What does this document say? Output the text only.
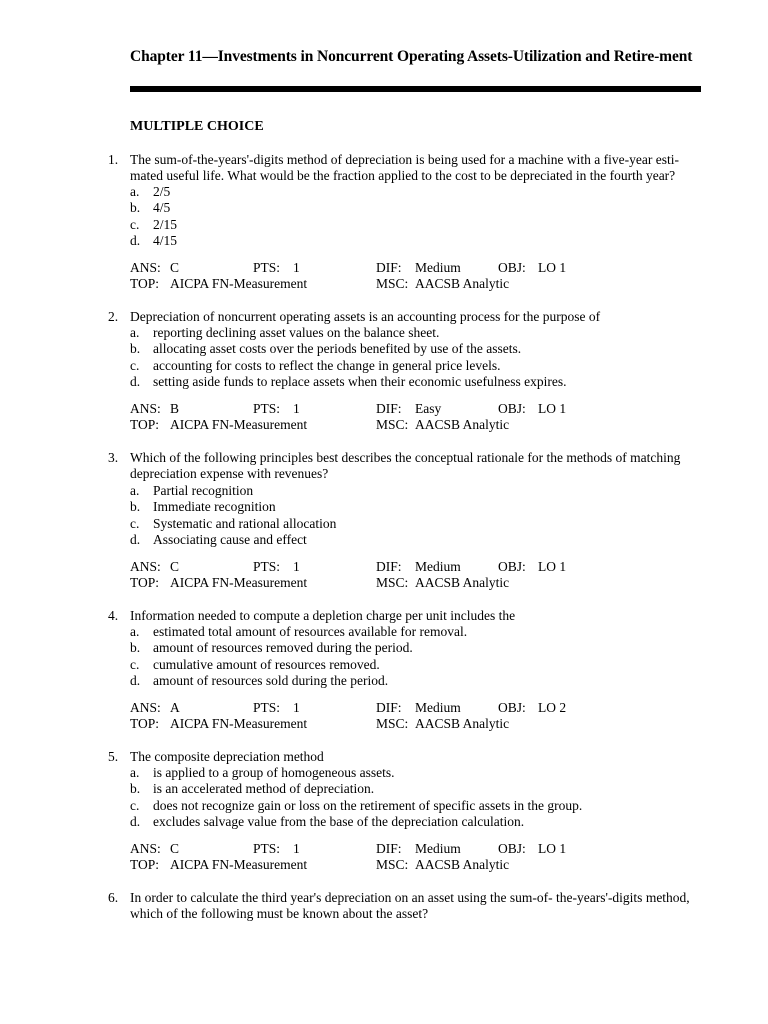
Chapter 11—Investments in Noncurrent Operating Assets-Utilization and Retire-ment
MULTIPLE CHOICE
1. The sum-of-the-years'-digits method of depreciation is being used for a machine with a five-year esti-mated useful life. What would be the fraction applied to the cost to be depreciated in the fourth year?
a. 2/5
b. 4/5
c. 2/15
d. 4/15
ANS: C	PTS: 1	DIF: Medium	OBJ: LO 1
TOP: AICPA FN-Measurement	MSC: AACSB Analytic
2. Depreciation of noncurrent operating assets is an accounting process for the purpose of
a. reporting declining asset values on the balance sheet.
b. allocating asset costs over the periods benefited by use of the assets.
c. accounting for costs to reflect the change in general price levels.
d. setting aside funds to replace assets when their economic usefulness expires.
ANS: B	PTS: 1	DIF: Easy	OBJ: LO 1
TOP: AICPA FN-Measurement	MSC: AACSB Analytic
3. Which of the following principles best describes the conceptual rationale for the methods of matching depreciation expense with revenues?
a. Partial recognition
b. Immediate recognition
c. Systematic and rational allocation
d. Associating cause and effect
ANS: C	PTS: 1	DIF: Medium	OBJ: LO 1
TOP: AICPA FN-Measurement	MSC: AACSB Analytic
4. Information needed to compute a depletion charge per unit includes the
a. estimated total amount of resources available for removal.
b. amount of resources removed during the period.
c. cumulative amount of resources removed.
d. amount of resources sold during the period.
ANS: A	PTS: 1	DIF: Medium	OBJ: LO 2
TOP: AICPA FN-Measurement	MSC: AACSB Analytic
5. The composite depreciation method
a. is applied to a group of homogeneous assets.
b. is an accelerated method of depreciation.
c. does not recognize gain or loss on the retirement of specific assets in the group.
d. excludes salvage value from the base of the depreciation calculation.
ANS: C	PTS: 1	DIF: Medium	OBJ: LO 1
TOP: AICPA FN-Measurement	MSC: AACSB Analytic
6. In order to calculate the third year's depreciation on an asset using the sum-of- the-years'-digits method, which of the following must be known about the asset?
